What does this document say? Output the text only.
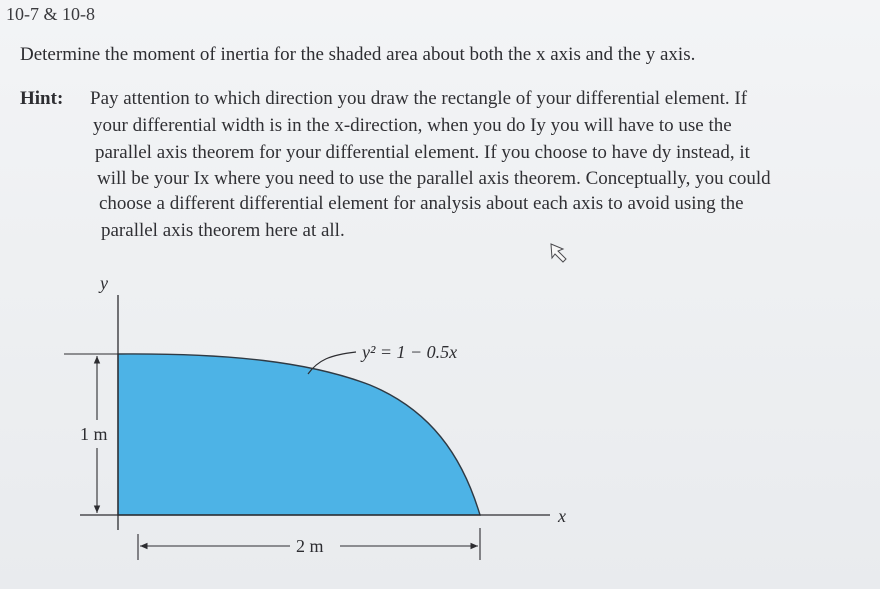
10-7 & 10-8
Determine the moment of inertia for the shaded area about both the x axis and the y axis.
Hint: Pay attention to which direction you draw the rectangle of your differential element. If
your differential width is in the x-direction, when you do Iy you will have to use the
parallel axis theorem for your differential element. If you choose to have dy instead, it
will be your Ix where you need to use the parallel axis theorem. Conceptually, you could
choose a different differential element for analysis about each axis to avoid using the
parallel axis theorem here at all.
y
x
y² = 1 − 0.5x
1 m
2 m
